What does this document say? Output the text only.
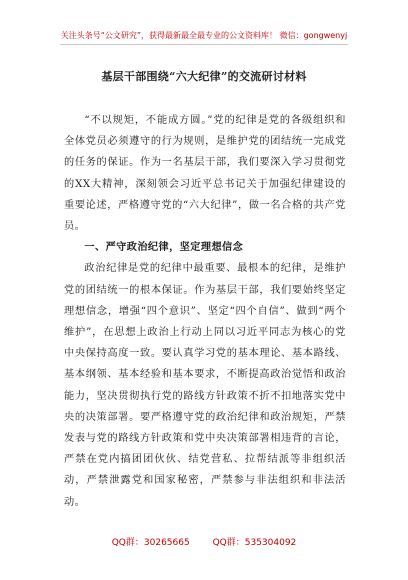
关注头条号“公文研究”，获得最新最全最专业的公文资料库！ 微信：gongwenyj
基层干部围绕“六大纪律”的交流研讨材料

“不以规矩，不能成方圆。”党的纪律是党的各级组织和全体党员必须遵守的行为规则，是维护党的团结统一完成党的任务的保证。作为一名基层干部，我们要深入学习贯彻党的XX大精神，深刻领会习近平总书记关于加强纪律建设的重要论述，严格遵守党的“六大纪律”，做一名合格的共产党员。

一、严守政治纪律，坚定理想信念

政治纪律是党的纪律中最重要、最根本的纪律，是维护党的团结统一的根本保证。作为基层干部，我们要始终坚定理想信念，增强“四个意识”、坚定“四个自信”、做到“两个维护”，在思想上政治上行动上同以习近平同志为核心的党中央保持高度一致。要认真学习党的基本理论、基本路线、基本纲领、基本经验和基本要求，不断提高政治觉悟和政治能力，坚决贯彻执行党的路线方针政策不折不扣地落实党中央的决策部署。要严格遵守党的政治纪律和政治规矩，严禁发表与党的路线方针政策和党中央决策部署相违背的言论，严禁在党内搞团团伙伙、结党营私、拉帮结派等非组织活动，严禁泄露党和国家秘密，严禁参与非法组织和非法活动。

QQ群：30265665	QQ群：535304092
